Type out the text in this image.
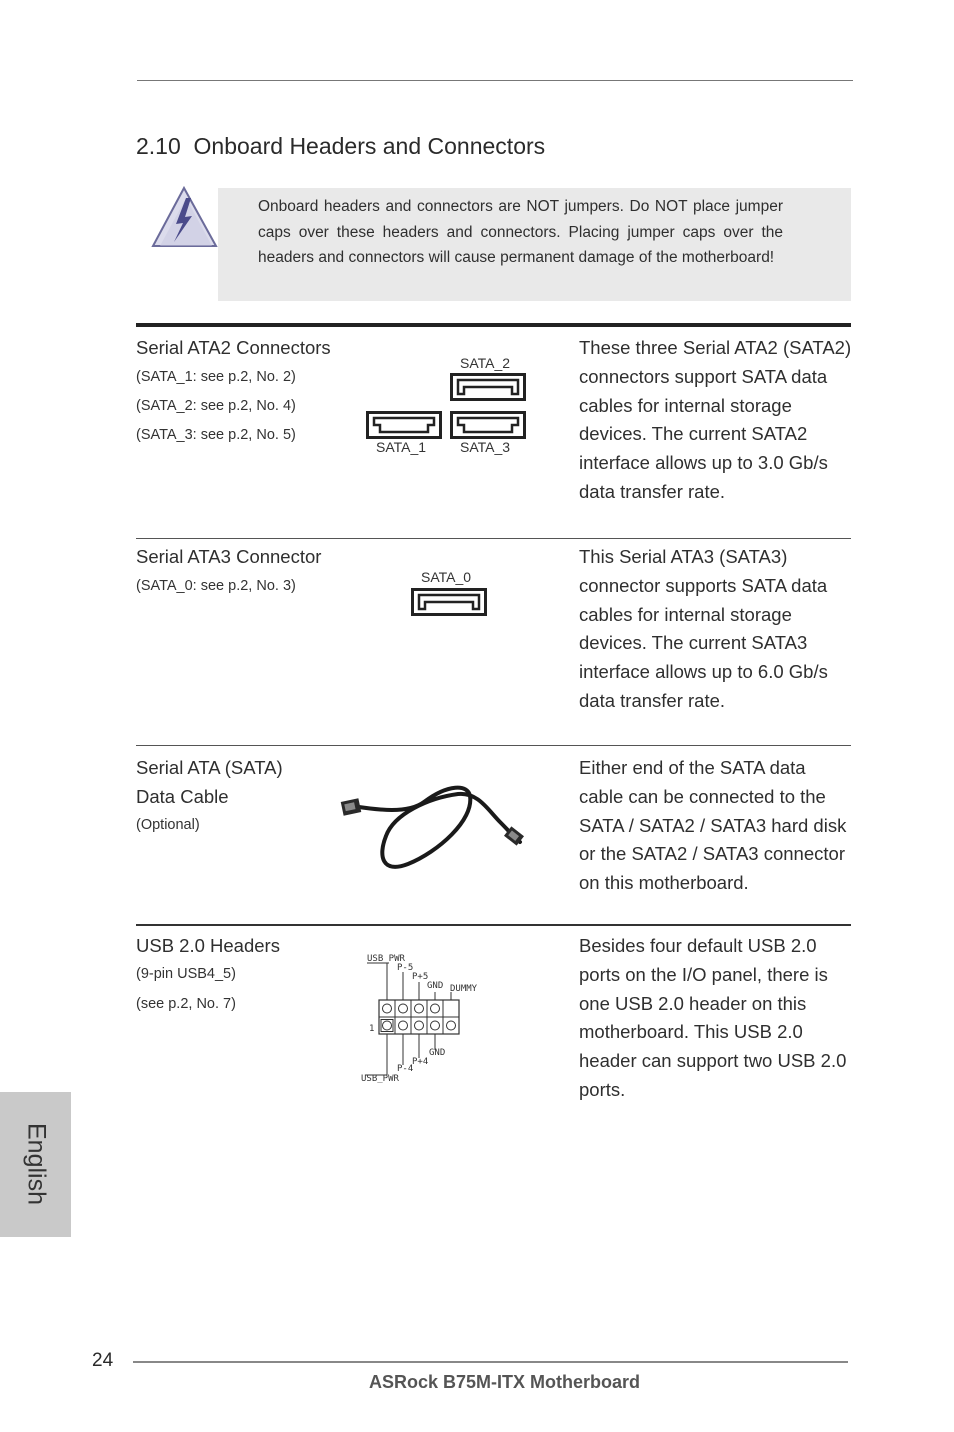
2.10 Onboard Headers and Connectors
Onboard headers and connectors are NOT jumpers. Do NOT place jumper caps over these headers and connectors. Placing jumper caps over the headers and connectors will cause permanent damage of the motherboard!
Serial ATA2 Connectors
(SATA_1: see p.2, No. 2)
(SATA_2: see p.2, No. 4)
(SATA_3: see p.2, No. 5)
SATA_2
SATA_1 SATA_3
These three Serial ATA2 (SATA2) connectors support SATA data cables for internal storage devices. The current SATA2 interface allows up to 3.0 Gb/s data transfer rate.
Serial ATA3 Connector
(SATA_0: see p.2, No. 3)
SATA_0
This Serial ATA3 (SATA3) connector supports SATA data cables for internal storage devices. The current SATA3 interface allows up to 6.0 Gb/s data transfer rate.
Serial ATA (SATA)
Data Cable
(Optional)
Either end of the SATA data cable can be connected to the SATA / SATA2 / SATA3 hard disk or the SATA2 / SATA3 connector on this motherboard.
USB 2.0 Headers
(9-pin USB4_5)
(see p.2, No. 7)
USB_PWR
P-5
P+5
GND DUMMY
1
GND
P+4
P-4
USB_PWR
Besides four default USB 2.0 ports on the I/O panel, there is one USB 2.0 header on this motherboard. This USB 2.0 header can support two USB 2.0 ports.
English
24
ASRock B75M-ITX Motherboard
